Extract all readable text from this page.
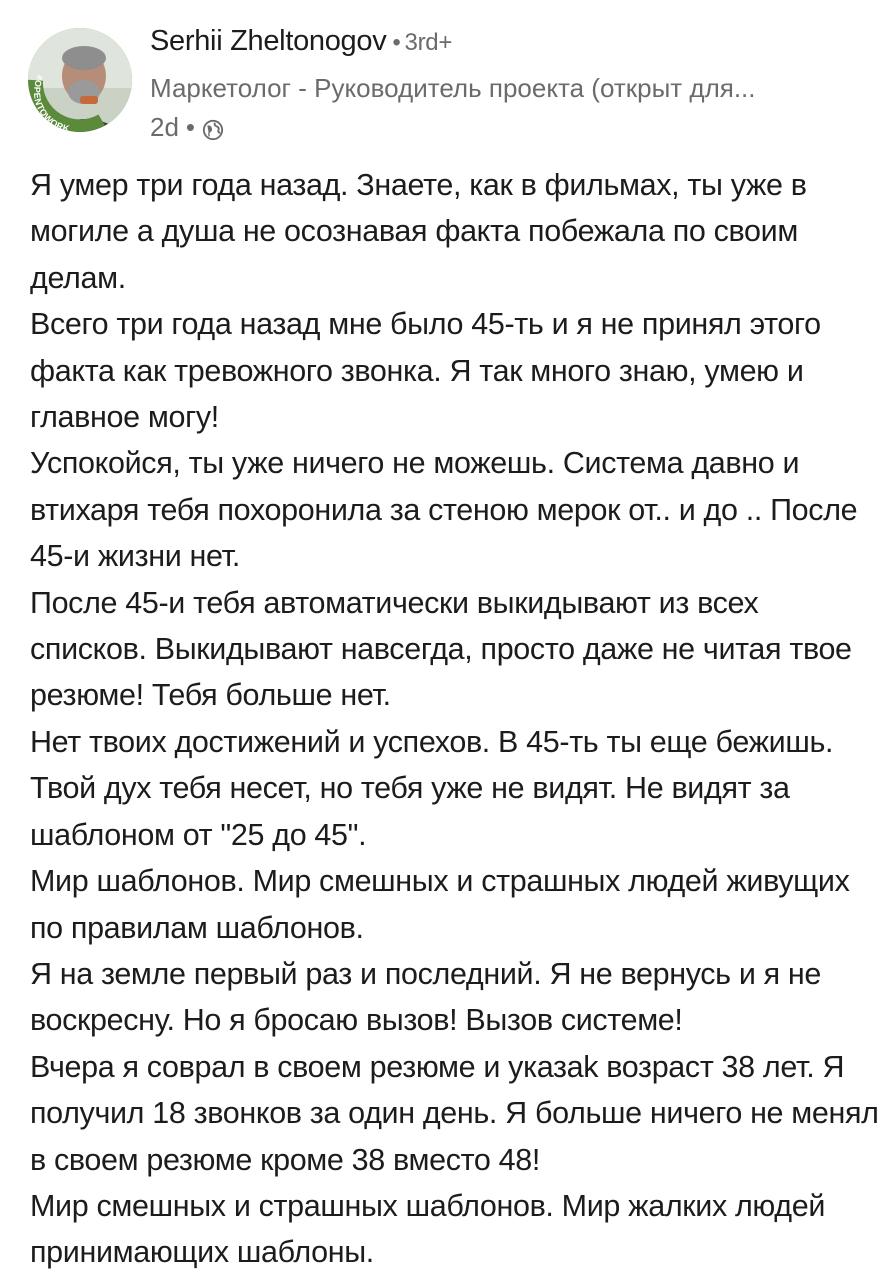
#OPENTOWORK
Serhii Zheltonogov • 3rd+
Маркетолог - Руководитель проекта (открыт для...
2d •

Я умер три года назад. Знаете, как в фильмах, ты уже в могиле а душа не осознавая факта побежала по своим делам.

Всего три года назад мне было 45-ть и я не принял этого факта как тревожного звонка. Я так много знаю, умею и главное могу!

Успокойся, ты уже ничего не можешь. Система давно и втихаря тебя похоронила за стеною мерок от.. и до .. После 45-и жизни нет.

После 45-и тебя автоматически выкидывают из всех списков. Выкидывают навсегда, просто даже не читая твое резюме! Тебя больше нет.

Нет твоих достижений и успехов. В 45-ть ты еще бежишь. Твой дух тебя несет, но тебя уже не видят. Не видят за шаблоном от "25 до 45".

Мир шаблонов. Мир смешных и страшных людей живущих по правилам шаблонов.

Я на земле первый раз и последний. Я не вернусь и я не воскресну. Но я бросаю вызов! Вызов системе!

Вчера я соврал в своем резюме и указаk возраст 38 лет. Я получил 18 звонков за один день. Я больше ничего не менял в своем резюме кроме 38 вместо 48!

Мир смешных и страшных шаблонов. Мир жалких людей принимающих шаблоны.
